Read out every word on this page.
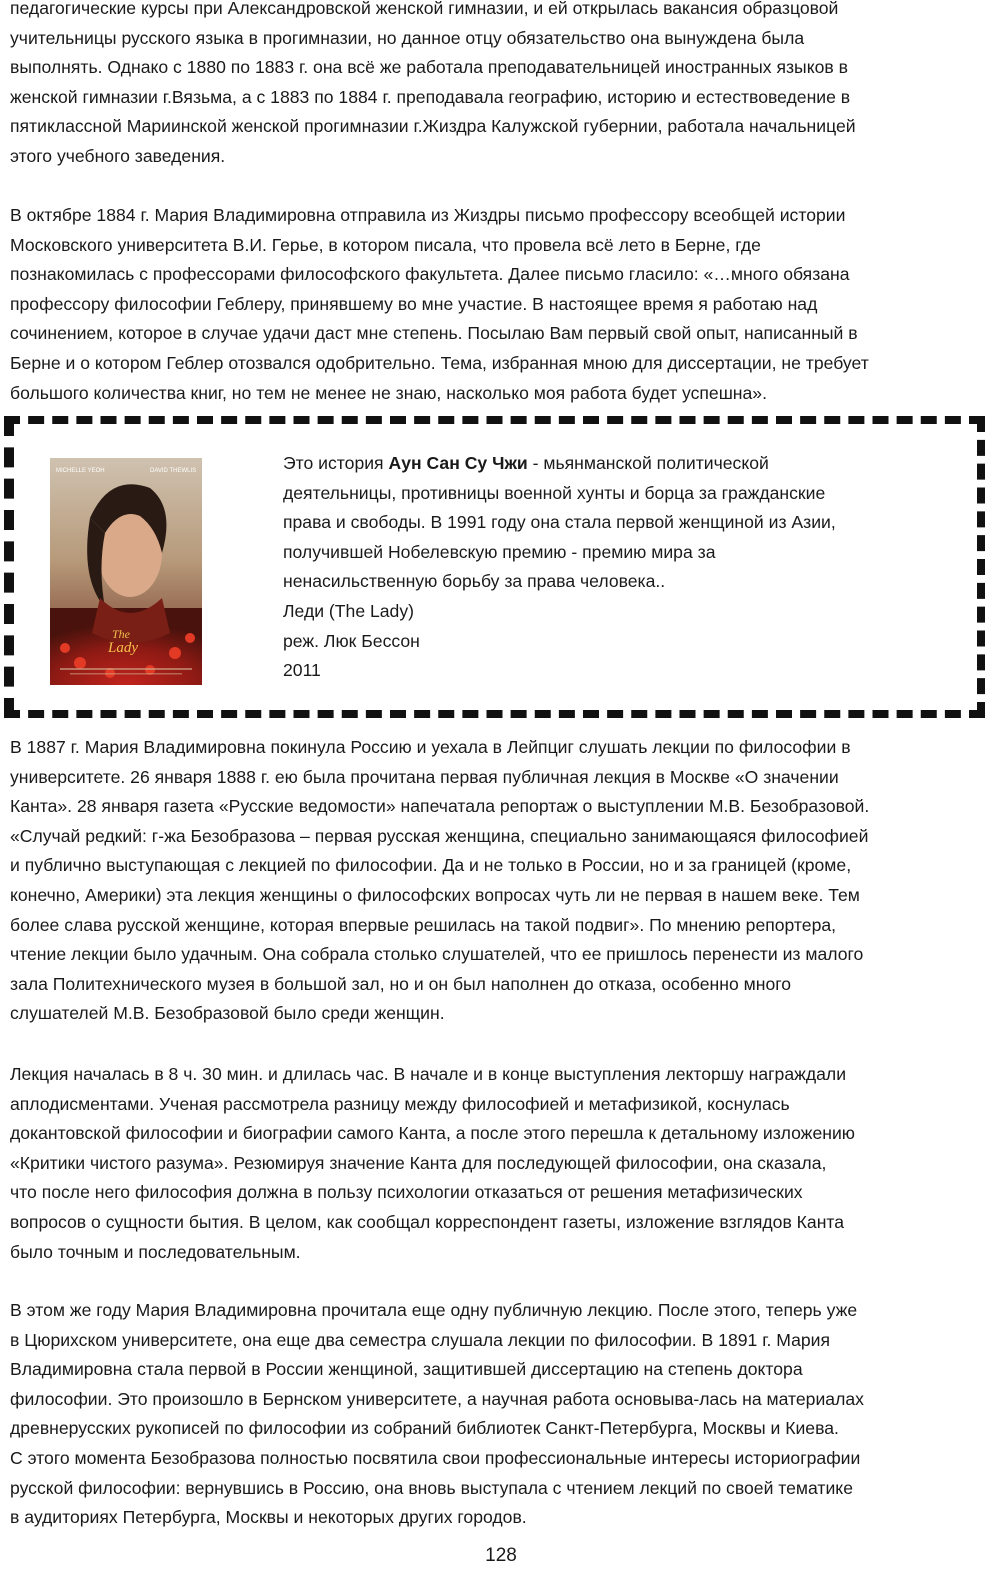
педагогические курсы при Александровской женской гимназии, и ей открылась вакансия образцовой
учительницы русского языка в прогимназии, но данное отцу обязательство она вынуждена была
выполнять. Однако с 1880 по 1883 г. она всё же работала преподавательницей иностранных языков в
женской гимназии г.Вязьма, а с 1883 по 1884 г. преподавала географию, историю и естествоведение в
пятиклассной Мариинской женской прогимназии г.Жиздра Калужской губернии, работала начальницей
этого учебного заведения.

В октябре 1884 г. Мария Владимировна отправила из Жиздры письмо профессору всеобщей истории
Московского университета В.И. Герье, в котором писала, что провела всё лето в Берне, где
познакомилась с профессорами философского факультета. Далее письмо гласило: «…много обязана
профессору философии Геблеру, принявшему во мне участие. В настоящее время я работаю над
сочинением, которое в случае удачи даст мне степень. Посылаю Вам первый свой опыт, написанный в
Берне и о котором Геблер отозвался одобрительно. Тема, избранная мною для диссертации, не требует
большого количества книг, но тем не менее не знаю, насколько моя работа будет успешна».

MICHELLE YEOH	DAVID THEWLIS
The
Lady
Это история Аун Сан Су Чжи - мьянманской политической
деятельницы, противницы военной хунты и борца за гражданские
права и свободы. В 1991 году она стала первой женщиной из Азии,
получившей Нобелевскую премию - премию мира за
ненасильственную борьбу за права человека..
Леди (The Lady)
реж. Люк Бессон
2011

В 1887 г. Мария Владимировна покинула Россию и уехала в Лейпциг слушать лекции по философии в
университете. 26 января 1888 г. ею была прочитана первая публичная лекция в Москве «О значении
Канта». 28 января газета «Русские ведомости» напечатала репортаж о выступлении М.В. Безобразовой.
«Случай редкий: г-жа Безобразова – первая русская женщина, специально занимающаяся философией
и публично выступающая с лекцией по философии. Да и не только в России, но и за границей (кроме,
конечно, Америки) эта лекция женщины о философских вопросах чуть ли не первая в нашем веке. Тем
более слава русской женщине, которая впервые решилась на такой подвиг». По мнению репортера,
чтение лекции было удачным. Она собрала столько слушателей, что ее пришлось перенести из малого
зала Политехнического музея в большой зал, но и он был наполнен до отказа, особенно много
слушателей М.В. Безобразовой было среди женщин.

Лекция началась в 8 ч. 30 мин. и длилась час. В начале и в конце выступления лекторшу награждали
аплодисментами. Ученая рассмотрела разницу между философией и метафизикой, коснулась
докантовской философии и биографии самого Канта, а после этого перешла к детальному изложению
«Критики чистого разума». Резюмируя значение Канта для последующей философии, она сказала,
что после него философия должна в пользу психологии отказаться от решения метафизических
вопросов о сущности бытия. В целом, как сообщал корреспондент газеты, изложение взглядов Канта
было точным и последовательным.

В этом же году Мария Владимировна прочитала еще одну публичную лекцию. После этого, теперь уже
в Цюрихском университете, она еще два семестра слушала лекции по философии. В 1891 г. Мария
Владимировна стала первой в России женщиной, защитившей диссертацию на степень доктора
философии. Это произошло в Бернском университете, а научная работа основыва-лась на материалах
древнерусских рукописей по философии из собраний библиотек Санкт-Петербурга, Москвы и Киева.
С этого момента Безобразова полностью посвятила свои профессиональные интересы историографии
русской философии: вернувшись в Россию, она вновь выступала с чтением лекций по своей тематике
в аудиториях Петербурга, Москвы и некоторых других городов.

128
